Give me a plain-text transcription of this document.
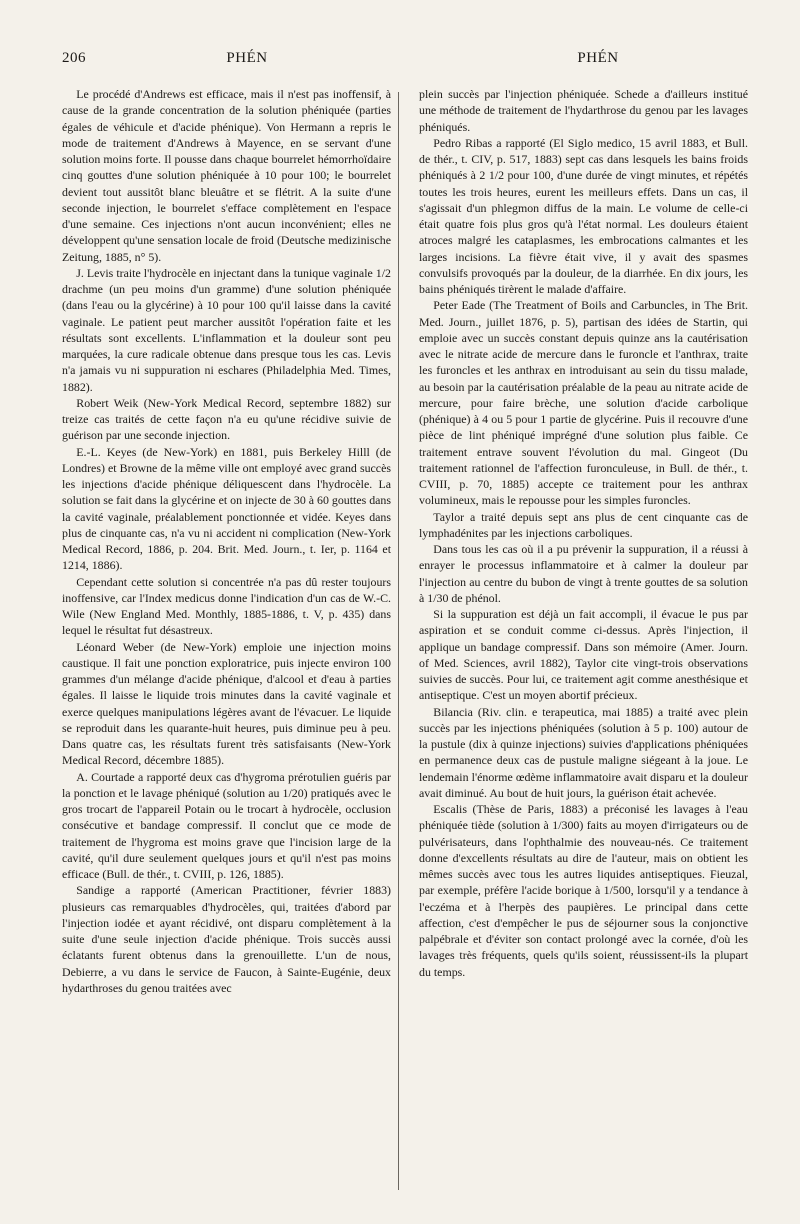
206	PHÉN	PHÉN

Le procédé d'Andrews est efficace, mais il n'est pas inoffensif, à cause de la grande concentration de la solution phéniquée (parties égales de véhicule et d'acide phénique). Von Hermann a repris le mode de traitement d'Andrews à Mayence, en se servant d'une solution moins forte. Il pousse dans chaque bourrelet hémorrhoïdaire cinq gouttes d'une solution phéniquée à 10 pour 100; le bourrelet devient tout aussitôt blanc bleuâtre et se flétrit. A la suite d'une seconde injection, le bourrelet s'efface complètement en l'espace d'une semaine. Ces injections n'ont aucun inconvénient; elles ne développent qu'une sensation locale de froid (Deutsche medizinische Zeitung, 1885, n° 5).

J. Levis traite l'hydrocèle en injectant dans la tunique vaginale 1/2 drachme (un peu moins d'un gramme) d'une solution phéniquée (dans l'eau ou la glycérine) à 10 pour 100 qu'il laisse dans la cavité vaginale. Le patient peut marcher aussitôt l'opération faite et les résultats sont excellents. L'inflammation et la douleur sont peu marquées, la cure radicale obtenue dans presque tous les cas. Levis n'a jamais vu ni suppuration ni eschares (Philadelphia Med. Times, 1882).

Robert Weik (New-York Medical Record, septembre 1882) sur treize cas traités de cette façon n'a eu qu'une récidive suivie de guérison par une seconde injection.

E.-L. Keyes (de New-York) en 1881, puis Berkeley Hilll (de Londres) et Browne de la même ville ont employé avec grand succès les injections d'acide phénique déliquescent dans l'hydrocèle. La solution se fait dans la glycérine et on injecte de 30 à 60 gouttes dans la cavité vaginale, préalablement ponctionnée et vidée. Keyes dans plus de cinquante cas, n'a vu ni accident ni complication (New-York Medical Record, 1886, p. 204. Brit. Med. Journ., t. Ier, p. 1164 et 1214, 1886).

Cependant cette solution si concentrée n'a pas dû rester toujours inoffensive, car l'Index medicus donne l'indication d'un cas de W.-C. Wile (New England Med. Monthly, 1885-1886, t. V, p. 435) dans lequel le résultat fut désastreux.

Léonard Weber (de New-York) emploie une injection moins caustique. Il fait une ponction exploratrice, puis injecte environ 100 grammes d'un mélange d'acide phénique, d'alcool et d'eau à parties égales. Il laisse le liquide trois minutes dans la cavité vaginale et exerce quelques manipulations légères avant de l'évacuer. Le liquide se reproduit dans les quarante-huit heures, puis diminue peu à peu. Dans quatre cas, les résultats furent très satisfaisants (New-York Medical Record, décembre 1885).

A. Courtade a rapporté deux cas d'hygroma prérotulien guéris par la ponction et le lavage phéniqué (solution au 1/20) pratiqués avec le gros trocart de l'appareil Potain ou le trocart à hydrocèle, occlusion consécutive et bandage compressif. Il conclut que ce mode de traitement de l'hygroma est moins grave que l'incision large de la cavité, qu'il dure seulement quelques jours et qu'il n'est pas moins efficace (Bull. de thér., t. CVIII, p. 126, 1885).

Sandige a rapporté (American Practitioner, février 1883) plusieurs cas remarquables d'hydrocèles, qui, traitées d'abord par l'injection iodée et ayant récidivé, ont disparu complètement à la suite d'une seule injection d'acide phénique. Trois succès aussi éclatants furent obtenus dans la grenouillette. L'un de nous, Debierre, a vu dans le service de Faucon, à Sainte-Eugénie, deux hydarthroses du genou traitées avec

plein succès par l'injection phéniquée. Schede a d'ailleurs institué une méthode de traitement de l'hydarthrose du genou par les lavages phéniqués.

Pedro Ribas a rapporté (El Siglo medico, 15 avril 1883, et Bull. de thér., t. CIV, p. 517, 1883) sept cas dans lesquels les bains froids phéniqués à 2 1/2 pour 100, d'une durée de vingt minutes, et répétés toutes les trois heures, eurent les meilleurs effets. Dans un cas, il s'agissait d'un phlegmon diffus de la main. Le volume de celle-ci était quatre fois plus gros qu'à l'état normal. Les douleurs étaient atroces malgré les cataplasmes, les embrocations calmantes et les larges incisions. La fièvre était vive, il y avait des spasmes convulsifs provoqués par la douleur, de la diarrhée. En dix jours, les bains phéniqués tirèrent le malade d'affaire.

Peter Eade (The Treatment of Boils and Carbuncles, in The Brit. Med. Journ., juillet 1876, p. 5), partisan des idées de Startin, qui emploie avec un succès constant depuis quinze ans la cautérisation avec le nitrate acide de mercure dans le furoncle et l'anthrax, traite les furoncles et les anthrax en introduisant au sein du tissu malade, au besoin par la cautérisation préalable de la peau au nitrate acide de mercure, pour faire brèche, une solution d'acide carbolique (phénique) à 4 ou 5 pour 1 partie de glycérine. Puis il recouvre d'une pièce de lint phéniqué imprégné d'une solution plus faible. Ce traitement entrave souvent l'évolution du mal. Gingeot (Du traitement rationnel de l'affection furonculeuse, in Bull. de thér., t. CVIII, p. 70, 1885) accepte ce traitement pour les anthrax volumineux, mais le repousse pour les simples furoncles.

Taylor a traité depuis sept ans plus de cent cinquante cas de lymphadénites par les injections carboliques.

Dans tous les cas où il a pu prévenir la suppuration, il a réussi à enrayer le processus inflammatoire et à calmer la douleur par l'injection au centre du bubon de vingt à trente gouttes de sa solution à 1/30 de phénol.

Si la suppuration est déjà un fait accompli, il évacue le pus par aspiration et se conduit comme ci-dessus. Après l'injection, il applique un bandage compressif. Dans son mémoire (Amer. Journ. of Med. Sciences, avril 1882), Taylor cite vingt-trois observations suivies de succès. Pour lui, ce traitement agit comme anesthésique et antiseptique. C'est un moyen abortif précieux.

Bilancia (Riv. clin. e terapeutica, mai 1885) a traité avec plein succès par les injections phéniquées (solution à 5 p. 100) autour de la pustule (dix à quinze injections) suivies d'applications phéniquées en permanence deux cas de pustule maligne siégeant à la joue. Le lendemain l'énorme œdème inflammatoire avait disparu et la douleur avait diminué. Au bout de huit jours, la guérison était achevée.

Escalis (Thèse de Paris, 1883) a préconisé les lavages à l'eau phéniquée tiède (solution à 1/300) faits au moyen d'irrigateurs ou de pulvérisateurs, dans l'ophthalmie des nouveau-nés. Ce traitement donne d'excellents résultats au dire de l'auteur, mais on obtient les mêmes succès avec tous les autres liquides antiseptiques. Fieuzal, par exemple, préfère l'acide borique à 1/500, lorsqu'il y a tendance à l'eczéma et à l'herpès des paupières. Le principal dans cette affection, c'est d'empêcher le pus de séjourner sous la conjonctive palpébrale et d'éviter son contact prolongé avec la cornée, d'où les lavages très fréquents, quels qu'ils soient, réussissent-ils la plupart du temps.
